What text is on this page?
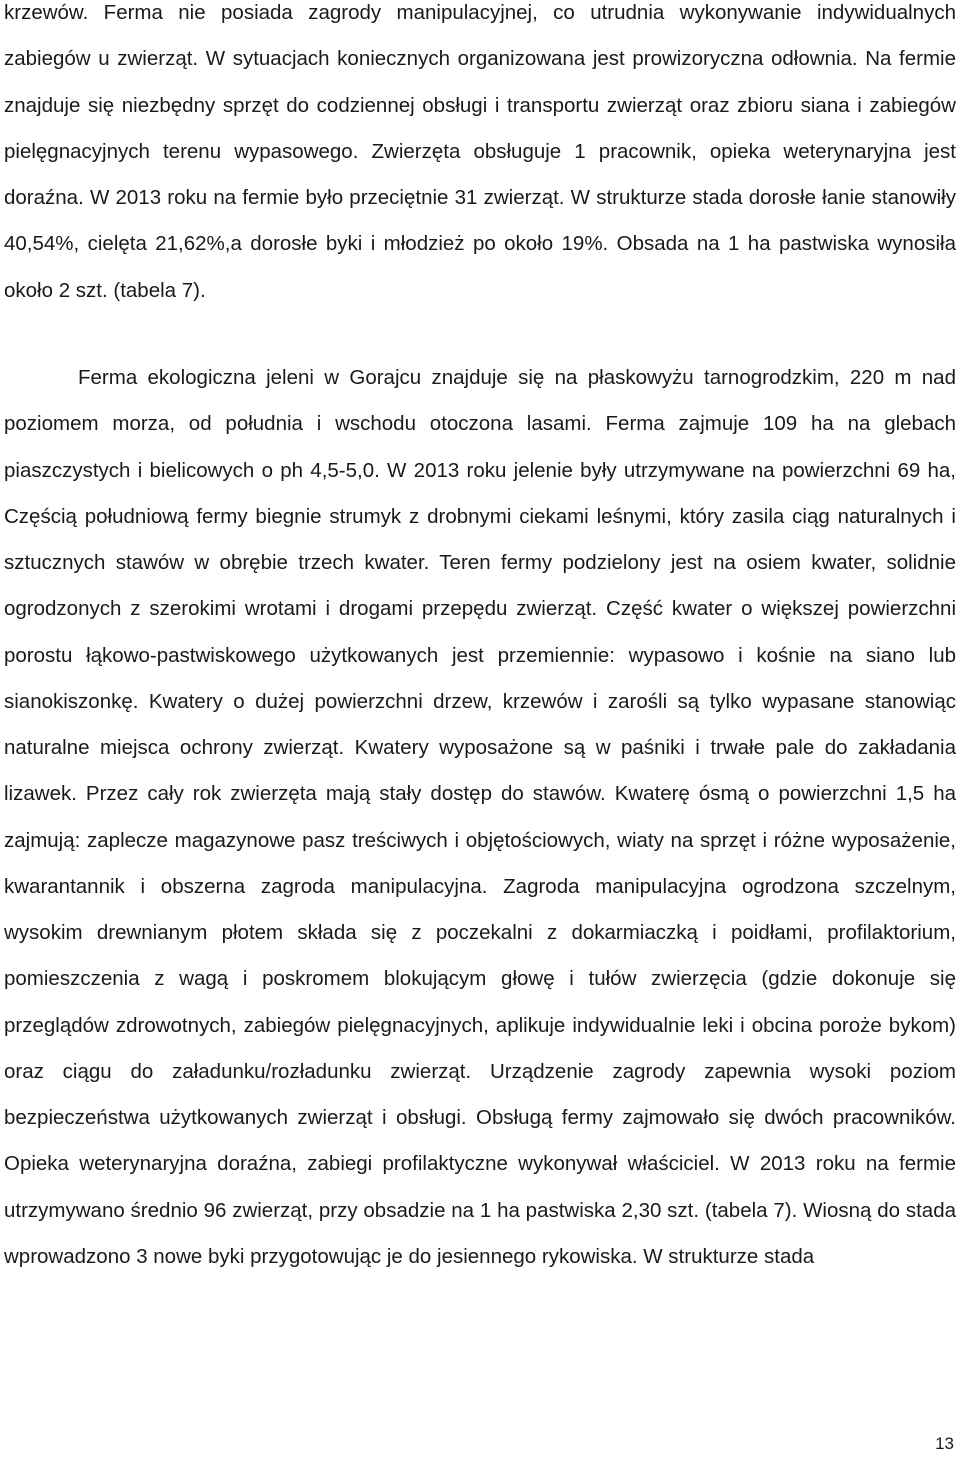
krzewów. Ferma nie posiada zagrody manipulacyjnej, co utrudnia wykonywanie indywidualnych zabiegów u zwierząt. W sytuacjach koniecznych organizowana jest prowizoryczna odłownia. Na fermie znajduje się niezbędny sprzęt do codziennej obsługi i transportu zwierząt oraz zbioru siana i zabiegów pielęgnacyjnych terenu wypasowego. Zwierzęta obsługuje 1 pracownik, opieka weterynaryjna jest doraźna. W 2013 roku na fermie było przeciętnie 31 zwierząt. W strukturze stada dorosłe łanie stanowiły 40,54%, cielęta 21,62%,a dorosłe byki i młodzież po około 19%. Obsada na 1 ha pastwiska wynosiła około 2 szt. (tabela 7).

Ferma ekologiczna jeleni w Gorajcu znajduje się na płaskowyżu tarnogrodzkim, 220 m nad poziomem morza, od południa i wschodu otoczona lasami. Ferma zajmuje 109 ha na glebach piaszczystych i bielicowych o ph 4,5-5,0. W 2013 roku jelenie były utrzymywane na powierzchni 69 ha, Częścią południową fermy biegnie strumyk z drobnymi ciekami leśnymi, który zasila ciąg naturalnych i sztucznych stawów w obrębie trzech kwater. Teren fermy podzielony jest na osiem kwater, solidnie ogrodzonych z szerokimi wrotami i drogami przepędu zwierząt. Część kwater o większej powierzchni porostu łąkowo-pastwiskowego użytkowanych jest przemiennie: wypasowo i kośnie na siano lub sianokiszonkę. Kwatery o dużej powierzchni drzew, krzewów i zarośli są tylko wypasane stanowiąc naturalne miejsca ochrony zwierząt. Kwatery wyposażone są w paśniki i trwałe pale do zakładania lizawek. Przez cały rok zwierzęta mają stały dostęp do stawów. Kwaterę ósmą o powierzchni 1,5 ha zajmują: zaplecze magazynowe pasz treściwych i objętościowych, wiaty na sprzęt i różne wyposażenie, kwarantannik i obszerna zagroda manipulacyjna. Zagroda manipulacyjna ogrodzona szczelnym, wysokim drewnianym płotem składa się z poczekalni z dokarmiaczką i poidłami, profilaktorium, pomieszczenia z wagą i poskromem blokującym głowę i tułów zwierzęcia (gdzie dokonuje się przeglądów zdrowotnych, zabiegów pielęgnacyjnych, aplikuje indywidualnie leki i obcina poroże bykom) oraz ciągu do załadunku/rozładunku zwierząt. Urządzenie zagrody zapewnia wysoki poziom bezpieczeństwa użytkowanych zwierząt i obsługi. Obsługą fermy zajmowało się dwóch pracowników. Opieka weterynaryjna doraźna, zabiegi profilaktyczne wykonywał właściciel. W 2013 roku na fermie utrzymywano średnio 96 zwierząt, przy obsadzie na 1 ha pastwiska 2,30 szt. (tabela 7). Wiosną do stada wprowadzono 3 nowe byki przygotowując je do jesiennego rykowiska. W strukturze stada

13
